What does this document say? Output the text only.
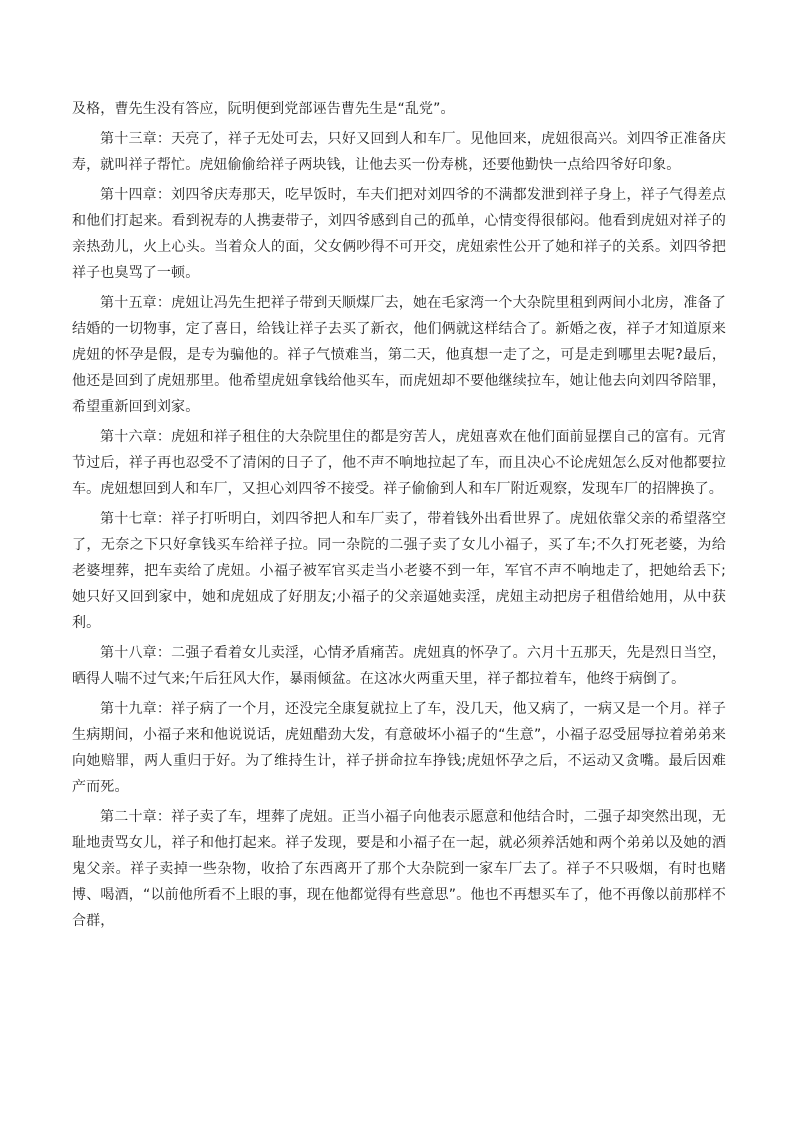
及格，曹先生没有答应，阮明便到党部诬告曹先生是“乱党”。

第十三章：天亮了，祥子无处可去，只好又回到人和车厂。见他回来，虎妞很高兴。刘四爷正准备庆寿，就叫祥子帮忙。虎妞偷偷给祥子两块钱，让他去买一份寿桃，还要他勤快一点给四爷好印象。

第十四章：刘四爷庆寿那天，吃早饭时，车夫们把对刘四爷的不满都发泄到祥子身上，祥子气得差点和他们打起来。看到祝寿的人携妻带子，刘四爷感到自己的孤单，心情变得很郁闷。他看到虎妞对祥子的亲热劲儿，火上心头。当着众人的面，父女俩吵得不可开交，虎妞索性公开了她和祥子的关系。刘四爷把祥子也臭骂了一顿。

第十五章：虎妞让冯先生把祥子带到天顺煤厂去，她在毛家湾一个大杂院里租到两间小北房，准备了结婚的一切物事，定了喜日，给钱让祥子去买了新衣，他们俩就这样结合了。新婚之夜，祥子才知道原来虎妞的怀孕是假，是专为骗他的。祥子气愤难当，第二天，他真想一走了之，可是走到哪里去呢?最后，他还是回到了虎妞那里。他希望虎妞拿钱给他买车，而虎妞却不要他继续拉车，她让他去向刘四爷陪罪，希望重新回到刘家。

第十六章：虎妞和祥子租住的大杂院里住的都是穷苦人，虎妞喜欢在他们面前显摆自己的富有。元宵节过后，祥子再也忍受不了清闲的日子了，他不声不响地拉起了车，而且决心不论虎妞怎么反对他都要拉车。虎妞想回到人和车厂，又担心刘四爷不接受。祥子偷偷到人和车厂附近观察，发现车厂的招牌换了。

第十七章：祥子打听明白，刘四爷把人和车厂卖了，带着钱外出看世界了。虎妞依靠父亲的希望落空了，无奈之下只好拿钱买车给祥子拉。同一杂院的二强子卖了女儿小福子，买了车;不久打死老婆，为给老婆埋葬，把车卖给了虎妞。小福子被军官买走当小老婆不到一年，军官不声不响地走了，把她给丢下;她只好又回到家中，她和虎妞成了好朋友;小福子的父亲逼她卖淫，虎妞主动把房子租借给她用，从中获利。

第十八章：二强子看着女儿卖淫，心情矛盾痛苦。虎妞真的怀孕了。六月十五那天，先是烈日当空，晒得人喘不过气来;午后狂风大作，暴雨倾盆。在这冰火两重天里，祥子都拉着车，他终于病倒了。

第十九章：祥子病了一个月，还没完全康复就拉上了车，没几天，他又病了，一病又是一个月。祥子生病期间，小福子来和他说说话，虎妞醋劲大发，有意破坏小福子的“生意”，小福子忍受屈辱拉着弟弟来向她赔罪，两人重归于好。为了维持生计，祥子拼命拉车挣钱;虎妞怀孕之后，不运动又贪嘴。最后因难产而死。

第二十章：祥子卖了车，埋葬了虎妞。正当小福子向他表示愿意和他结合时，二强子却突然出现，无耻地责骂女儿，祥子和他打起来。祥子发现，要是和小福子在一起，就必须养活她和两个弟弟以及她的酒鬼父亲。祥子卖掉一些杂物，收拾了东西离开了那个大杂院到一家车厂去了。祥子不只吸烟，有时也赌博、喝酒，“以前他所看不上眼的事，现在他都觉得有些意思”。他也不再想买车了，他不再像以前那样不合群，
